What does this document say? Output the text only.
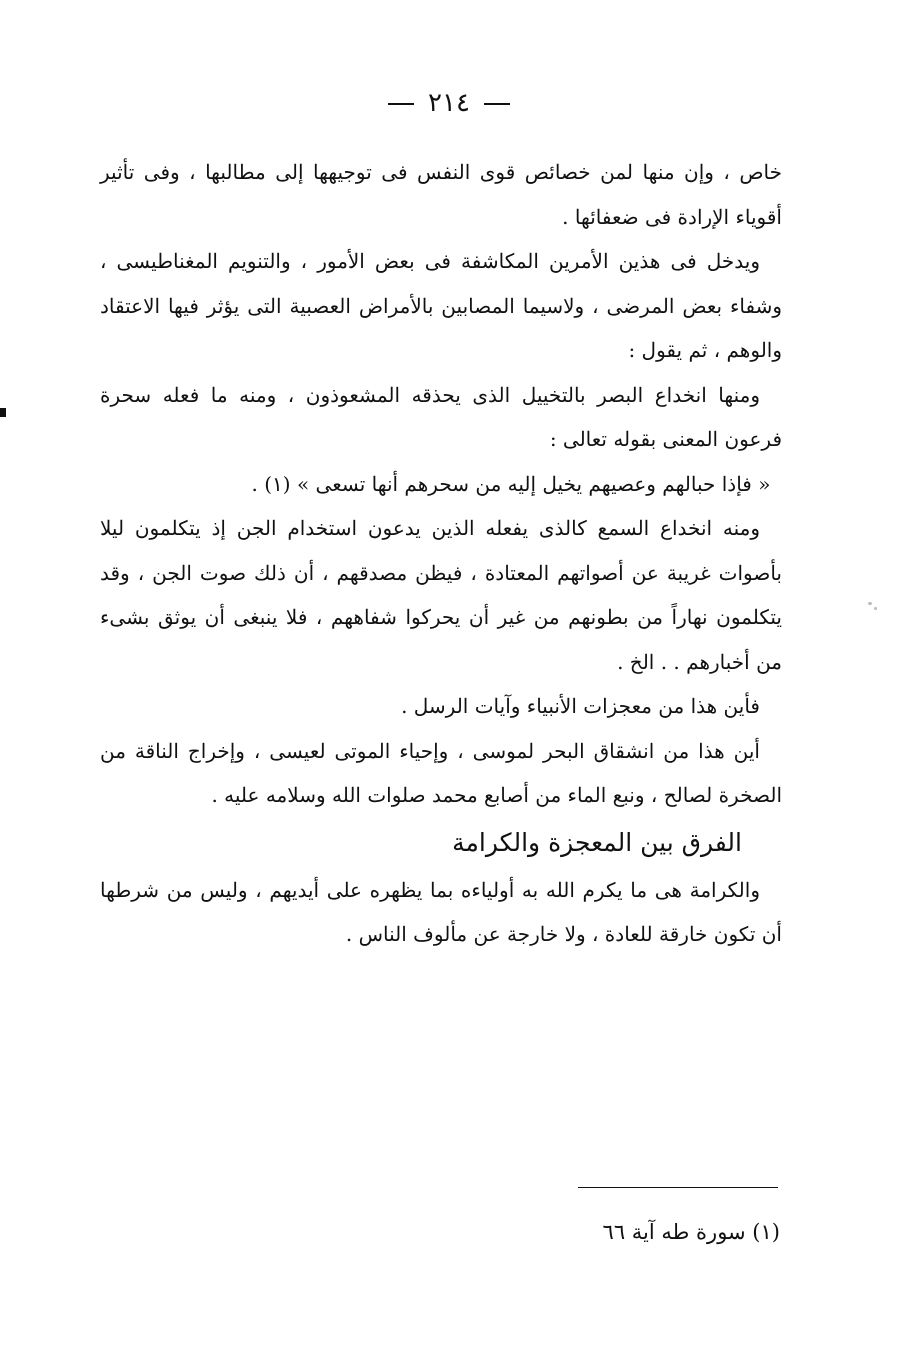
٢١٤

خاص ، وإن منها لمن خصائص قوى النفس فى توجيهها إلى مطالبها ، وفى تأثير أقوياء الإرادة فى ضعفائها .

ويدخل فى هذين الأمرين المكاشفة فى بعض الأمور ، والتنويم المغناطيسى ، وشفاء بعض المرضى ، ولاسيما المصابين بالأمراض العصبية التى يؤثر فيها الاعتقاد والوهم ، ثم يقول :

ومنها انخداع البصر بالتخييل الذى يحذقه المشعوذون ، ومنه ما فعله سحرة فرعون المعنى بقوله تعالى :

« فإذا حبالهم وعصيهم يخيل إليه من سحرهم أنها تسعى » (١) .

ومنه انخداع السمع كالذى يفعله الذين يدعون استخدام الجن إذ يتكلمون ليلا بأصوات غريبة عن أصواتهم المعتادة ، فيظن مصدقهم ، أن ذلك صوت الجن ، وقد يتكلمون نهاراً من بطونهم من غير أن يحركوا شفاههم ، فلا ينبغى أن يوثق بشىء من أخبارهم . . الخ .

فأين هذا من معجزات الأنبياء وآيات الرسل .

أين هذا من انشقاق البحر لموسى ، وإحياء الموتى لعيسى ، وإخراج الناقة من الصخرة لصالح ، ونبع الماء من أصابع محمد صلوات الله وسلامه عليه .

الفرق بين المعجزة والكرامة

والكرامة هى ما يكرم الله به أولياءه بما يظهره على أيديهم ، وليس من شرطها أن تكون خارقة للعادة ، ولا خارجة عن مألوف الناس .

(١) سورة طه آية ٦٦
